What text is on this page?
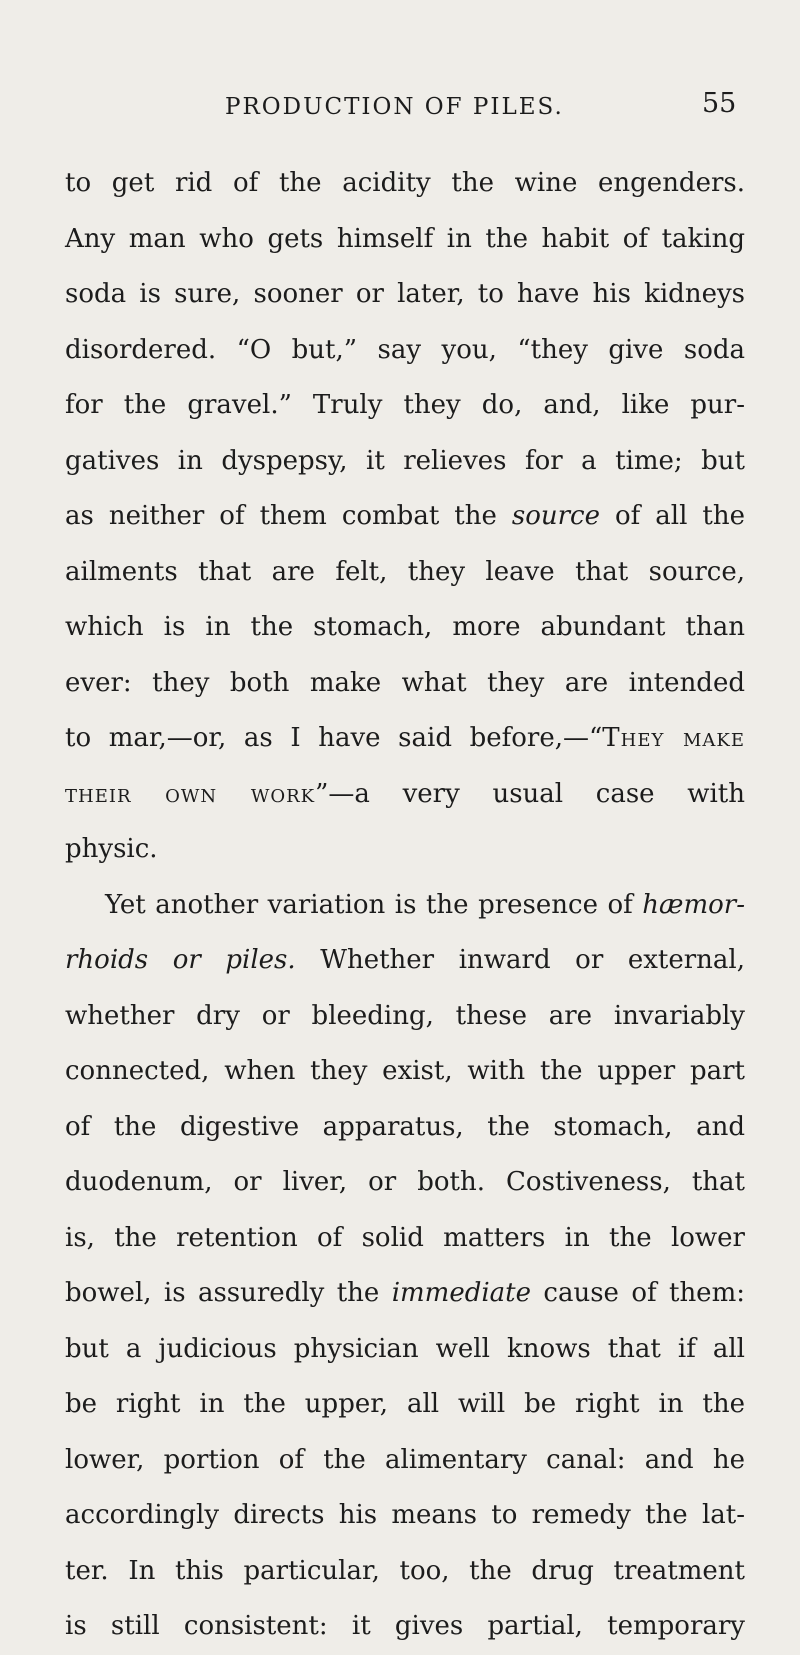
PRODUCTION OF PILES.	55
to get rid of the acidity the wine engenders.
Any man who gets himself in the habit of taking
soda is sure, sooner or later, to have his kidneys
disordered. “O but,” say you, “they give soda
for the gravel.” Truly they do, and, like pur-
gatives in dyspepsy, it relieves for a time; but
as neither of them combat the source of all the
ailments that are felt, they leave that source,
which is in the stomach, more abundant than
ever: they both make what they are intended
to mar,—or, as I have said before,—“They make
their own work”—a very usual case with
physic.
Yet another variation is the presence of hæmor-
rhoids or piles. Whether inward or external,
whether dry or bleeding, these are invariably
connected, when they exist, with the upper part
of the digestive apparatus, the stomach, and
duodenum, or liver, or both. Costiveness, that
is, the retention of solid matters in the lower
bowel, is assuredly the immediate cause of them:
but a judicious physician well knows that if all
be right in the upper, all will be right in the
lower, portion of the alimentary canal: and he
accordingly directs his means to remedy the lat-
ter. In this particular, too, the drug treatment
is still consistent: it gives partial, temporary
